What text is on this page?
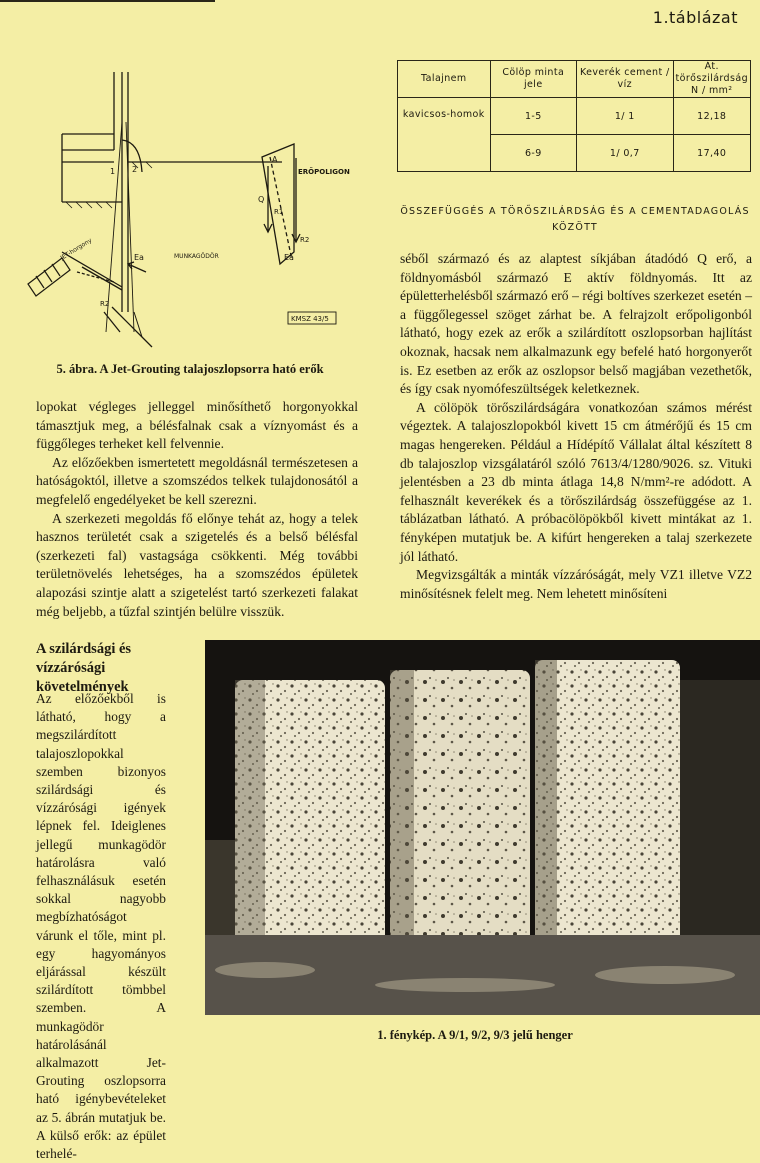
1.táblázat
Talajnem	Cölöp minta jele	Keverék cement / víz	Át. törőszilárdság N / mm²
kavicsos-homok	1-5	1/ 1	12,18
	6-9	1/ 0,7	17,40
ÖSSZEFÜGGÉS A TÖRŐSZILÁRDSÁG ÉS A CEMENTADAGOLÁS KÖZÖTT
ERŐPOLIGON
MUNKAGÖDÖR
JET-horgony	Ea
A
Q
R1
R2
R2
Ea
1 2
KMSZ 43/5
5. ábra. A Jet-Grouting talajoszlopsorra ható erők

lopokat végleges jelleggel minősíthető horgonyokkal támasztjuk meg, a bélésfalnak csak a víznyomást és a függőleges terheket kell felvennie.

Az előzőekben ismertetett megoldásnál természetesen a hatóságoktól, illetve a szomszédos telkek tulajdonosától a megfelelő engedélyeket be kell szerezni.

A szerkezeti megoldás fő előnye tehát az, hogy a telek hasznos területét csak a szigetelés és a belső bélésfal (szerkezeti fal) vastagsága csökkenti. Még további területnövelés lehetséges, ha a szomszédos épületek alapozási szintje alatt a szigetelést tartó szerkezeti falakat még beljebb, a tűzfal szintjén belülre visszük.

séből származó és az alaptest síkjában átadódó Q erő, a földnyomásból származó E aktív földnyomás. Itt az épületterhelésből származó erő – régi boltíves szerkezet esetén – a függőlegessel szöget zárhat be. A felrajzolt erőpoligonból látható, hogy ezek az erők a szilárdított oszlopsorban hajlítást okoznak, hacsak nem alkalmazunk egy befelé ható horgonyerőt is. Ez esetben az erők az oszlopsor belső magjában vezethetők, és így csak nyomófeszültségek keletkeznek.

A cölöpök törőszilárdságára vonatkozóan számos mérést végeztek. A talajoszlopokból kivett 15 cm átmérőjű és 15 cm magas hengereken. Például a Hídépítő Vállalat által készített 8 db talajoszlop vizsgálatáról szóló 7613/4/1280/9026. sz. Vituki jelentésben a 23 db minta átlaga 14,8 N/mm²-re adódott. A felhasznált keverékek és a törőszilárdság összefüggése az 1. táblázatban látható. A próbacölöpökből kivett mintákat az 1. fényképen mutatjuk be. A kifúrt hengereken a talaj szerkezete jól látható.

Megvizsgálták a minták vízzáróságát, mely VZ1 illetve VZ2 minősítésnek felelt meg. Nem lehetett minősíteni

A szilárdsági és vízzárósági követelmények
Az előzőekből is látható, hogy a megszilárdított talajoszlopokkal szemben bizonyos szilárdsági és vízzárósági igények lépnek fel. Ideiglenes jellegű munkagödör határolásra való felhasználásuk esetén sokkal nagyobb megbízhatóságot várunk el tőle, mint pl. egy hagyományos eljárással készült szilárdított tömbbel szemben. A munkagödör határolásánál alkalmazott Jet-Grouting oszlopsorra ható igénybevételeket az 5. ábrán mutatjuk be. A külső erők: az épület terhelé-
1. fénykép. A 9/1, 9/2, 9/3 jelű henger
